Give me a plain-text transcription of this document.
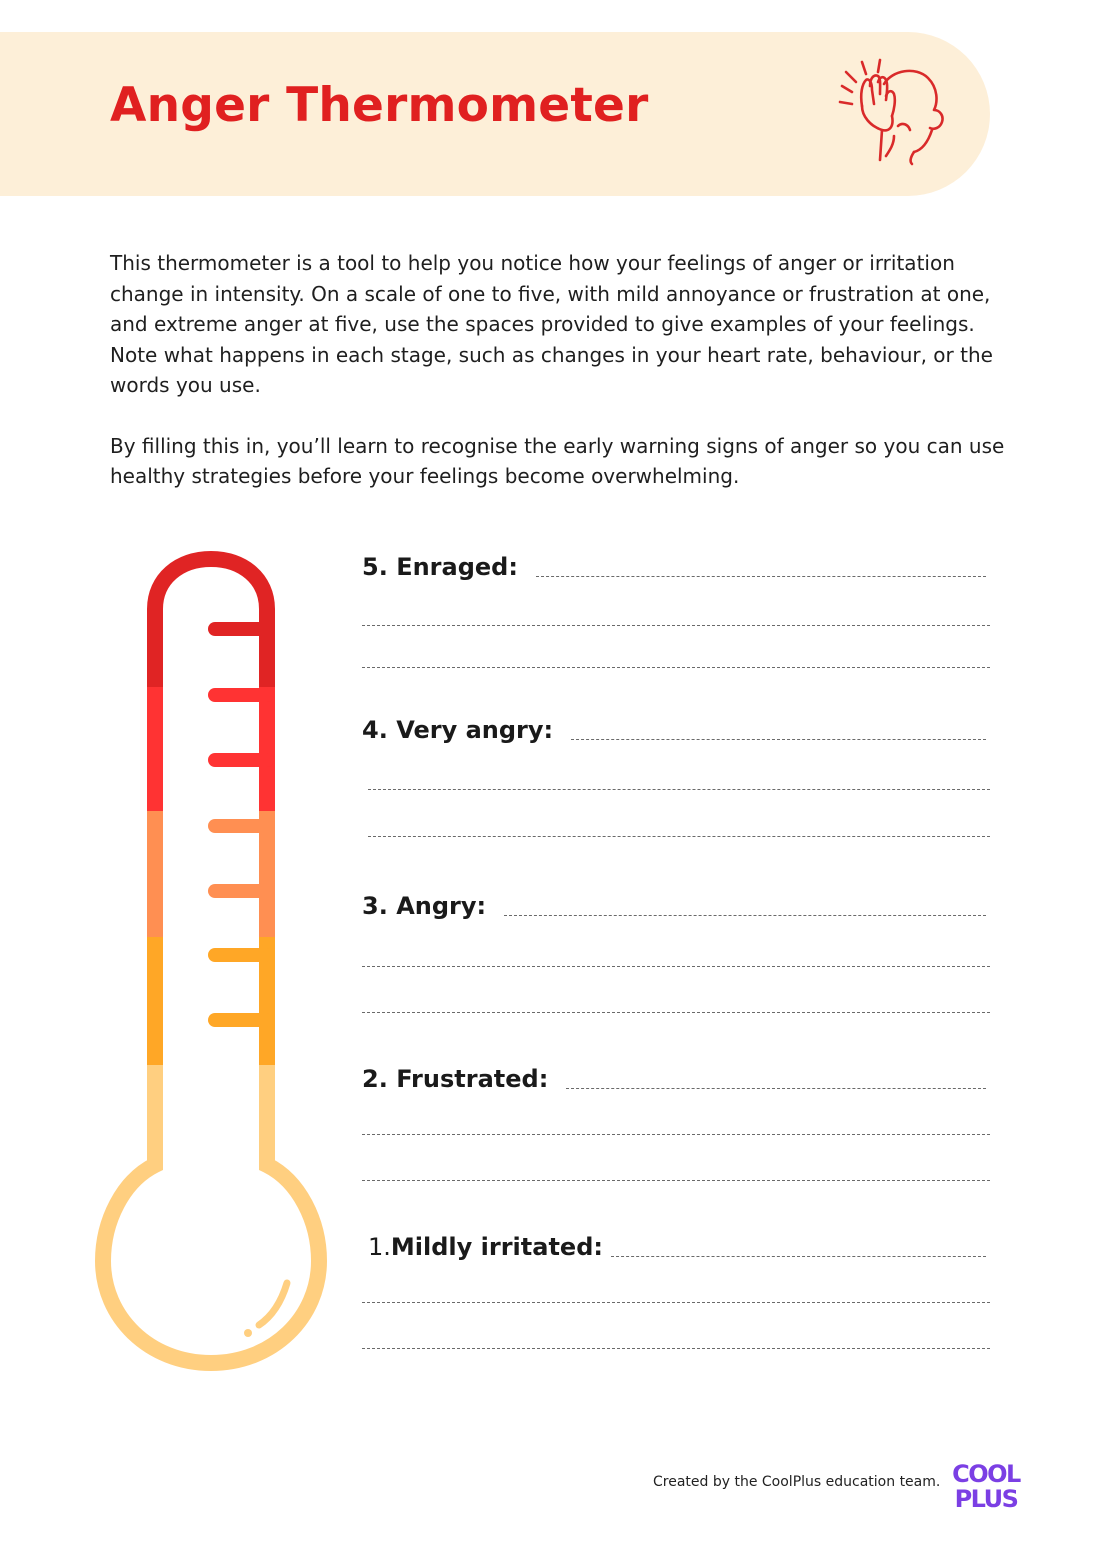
Anger Thermometer

This thermometer is a tool to help you notice how your feelings of anger or irritation change in intensity. On a scale of one to five, with mild annoyance or frustration at one, and extreme anger at five, use the spaces provided to give examples of your feelings. Note what happens in each stage, such as changes in your heart rate, behaviour, or the words you use.

By filling this in, you’ll learn to recognise the early warning signs of anger so you can use healthy strategies before your feelings become overwhelming.

5. Enraged:
4. Very angry:
3. Angry:
2. Frustrated:
1.Mildly irritated:
Created by the CoolPlus education team. COOL
PLUS
